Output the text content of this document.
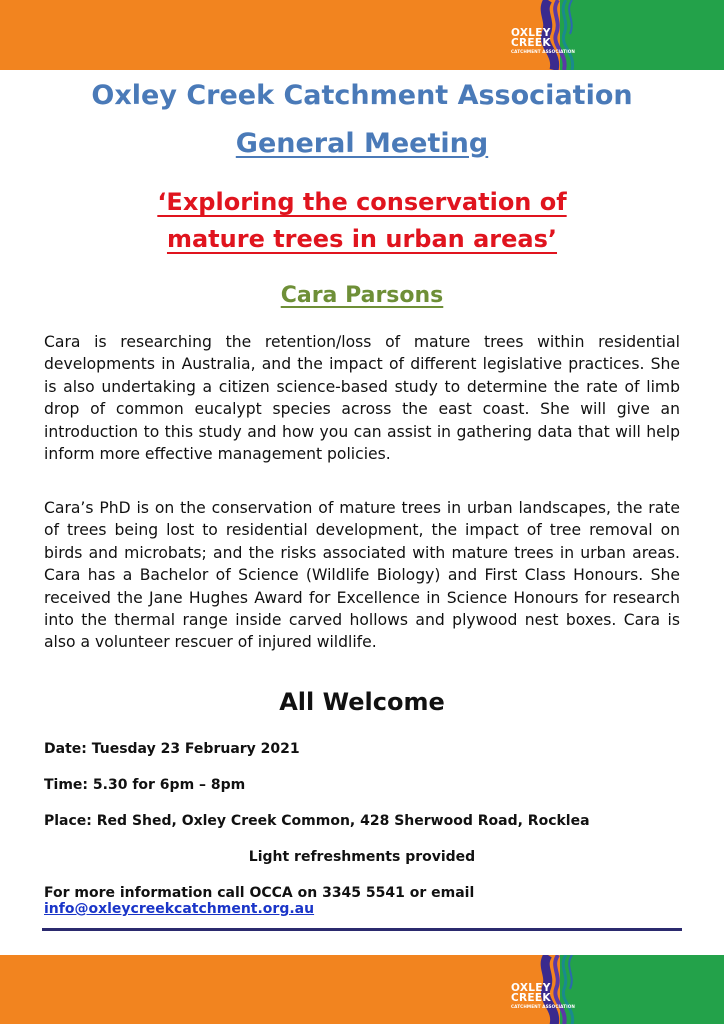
OXLEY
CREEK
CATCHMENT ASSOCIATION
Oxley Creek Catchment Association
General Meeting
‘Exploring the conservation of
mature trees in urban areas’
Cara Parsons

Cara is researching the retention/loss of mature trees within residential developments in Australia, and the impact of different legislative practices. She is also undertaking a citizen science-based study to determine the rate of limb drop of common eucalypt species across the east coast. She will give an introduction to this study and how you can assist in gathering data that will help inform more effective management policies.

Cara’s PhD is on the conservation of mature trees in urban landscapes, the rate of trees being lost to residential development, the impact of tree removal on birds and microbats; and the risks associated with mature trees in urban areas. Cara has a Bachelor of Science (Wildlife Biology) and First Class Honours. She received the Jane Hughes Award for Excellence in Science Honours for research into the thermal range inside carved hollows and plywood nest boxes. Cara is also a volunteer rescuer of injured wildlife.

All Welcome
Date: Tuesday 23 February 2021
Time: 5.30 for 6pm – 8pm
Place: Red Shed, Oxley Creek Common, 428 Sherwood Road, Rocklea
Light refreshments provided
For more information call OCCA on 3345 5541 or email info@oxleycreekcatchment.org.au
OXLEY
CREEK
CATCHMENT ASSOCIATION
